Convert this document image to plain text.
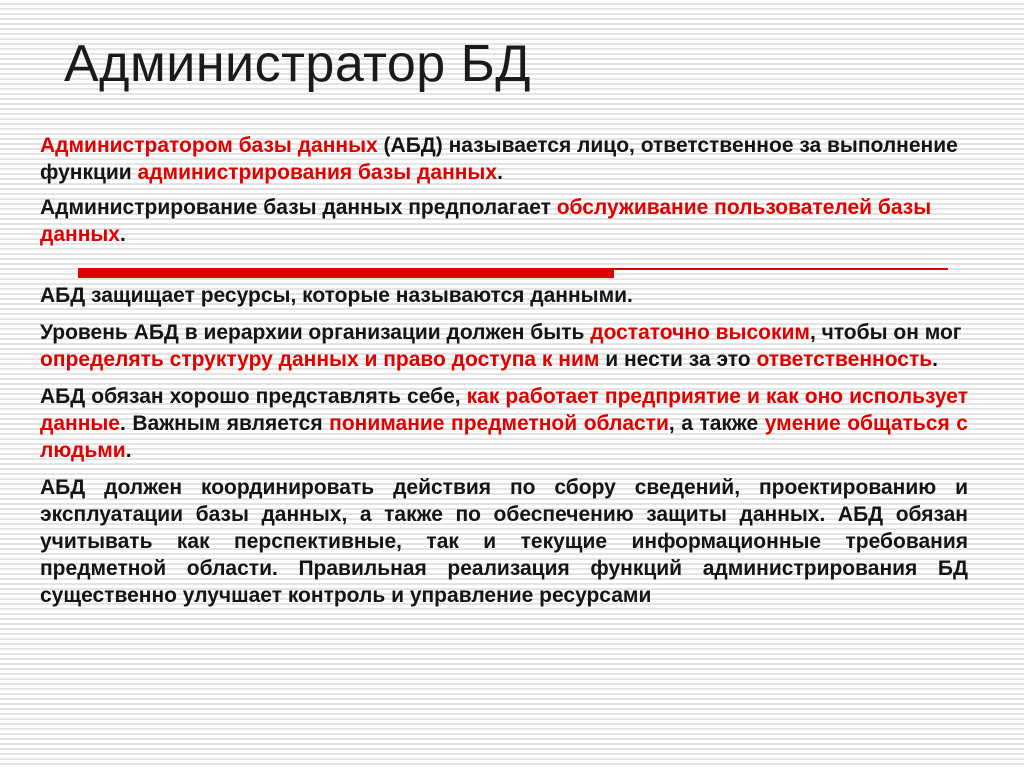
Администратор БД

Администратором базы данных (АБД) называется лицо, ответственное за выполнение функции администрирования базы данных.

Администрирование базы данных предполагает обслуживание пользователей базы данных.

АБД защищает ресурсы, которые называются данными.

Уровень АБД в иерархии организации должен быть достаточно высоким, чтобы он мог определять структуру данных и право доступа к ним и нести за это ответственность.

АБД обязан хорошо представлять себе, как работает предприятие и как оно использует данные. Важным является понимание предметной области, а также умение общаться с людьми.

АБД должен координировать действия по сбору сведений, проектированию и эксплуатации базы данных, а также по обеспечению защиты данных. АБД обязан учитывать как перспективные, так и текущие информационные требования предметной области. Правильная реализация функций администрирования БД существенно улучшает контроль и управление ресурсами
